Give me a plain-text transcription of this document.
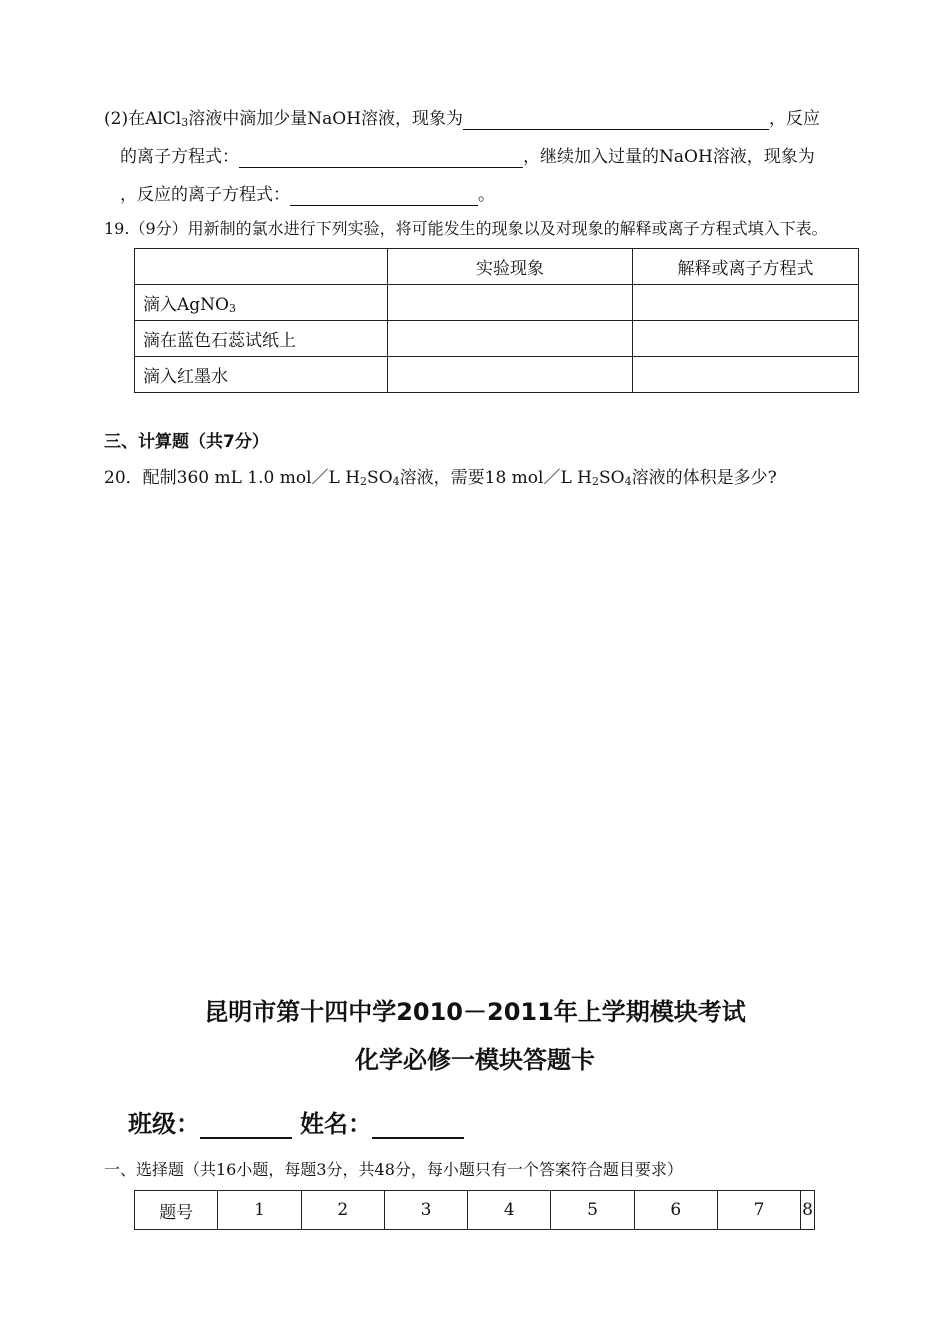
(2)在AlCl$_3$溶液中滴加少量NaOH溶液，现象为	，反应
的离子方程式：	，继续加入过量的NaOH溶液，现象为
，反应的离子方程式：	。
19.（9分）用新制的氯水进行下列实验，将可能发生的现象以及对现象的解释或离子方程式填入下表。
	实验现象	解释或离子方程式
滴入AgNO$_3$		
滴在蓝色石蕊试纸上		
滴入红墨水		
三、计算题（共7分）
20．配制360 mL 1.0 mol／L $H_2SO_4$溶液，需要18 mol／L $H_2SO_4$溶液的体积是多少?
昆明市第十四中学2010－2011年上学期模块考试
化学必修一模块答题卡
班级：	姓名：
一、选择题（共16小题，每题3分，共48分，每小题只有一个答案符合题目要求）
题号	1	2	3	4	5	6	7	8
